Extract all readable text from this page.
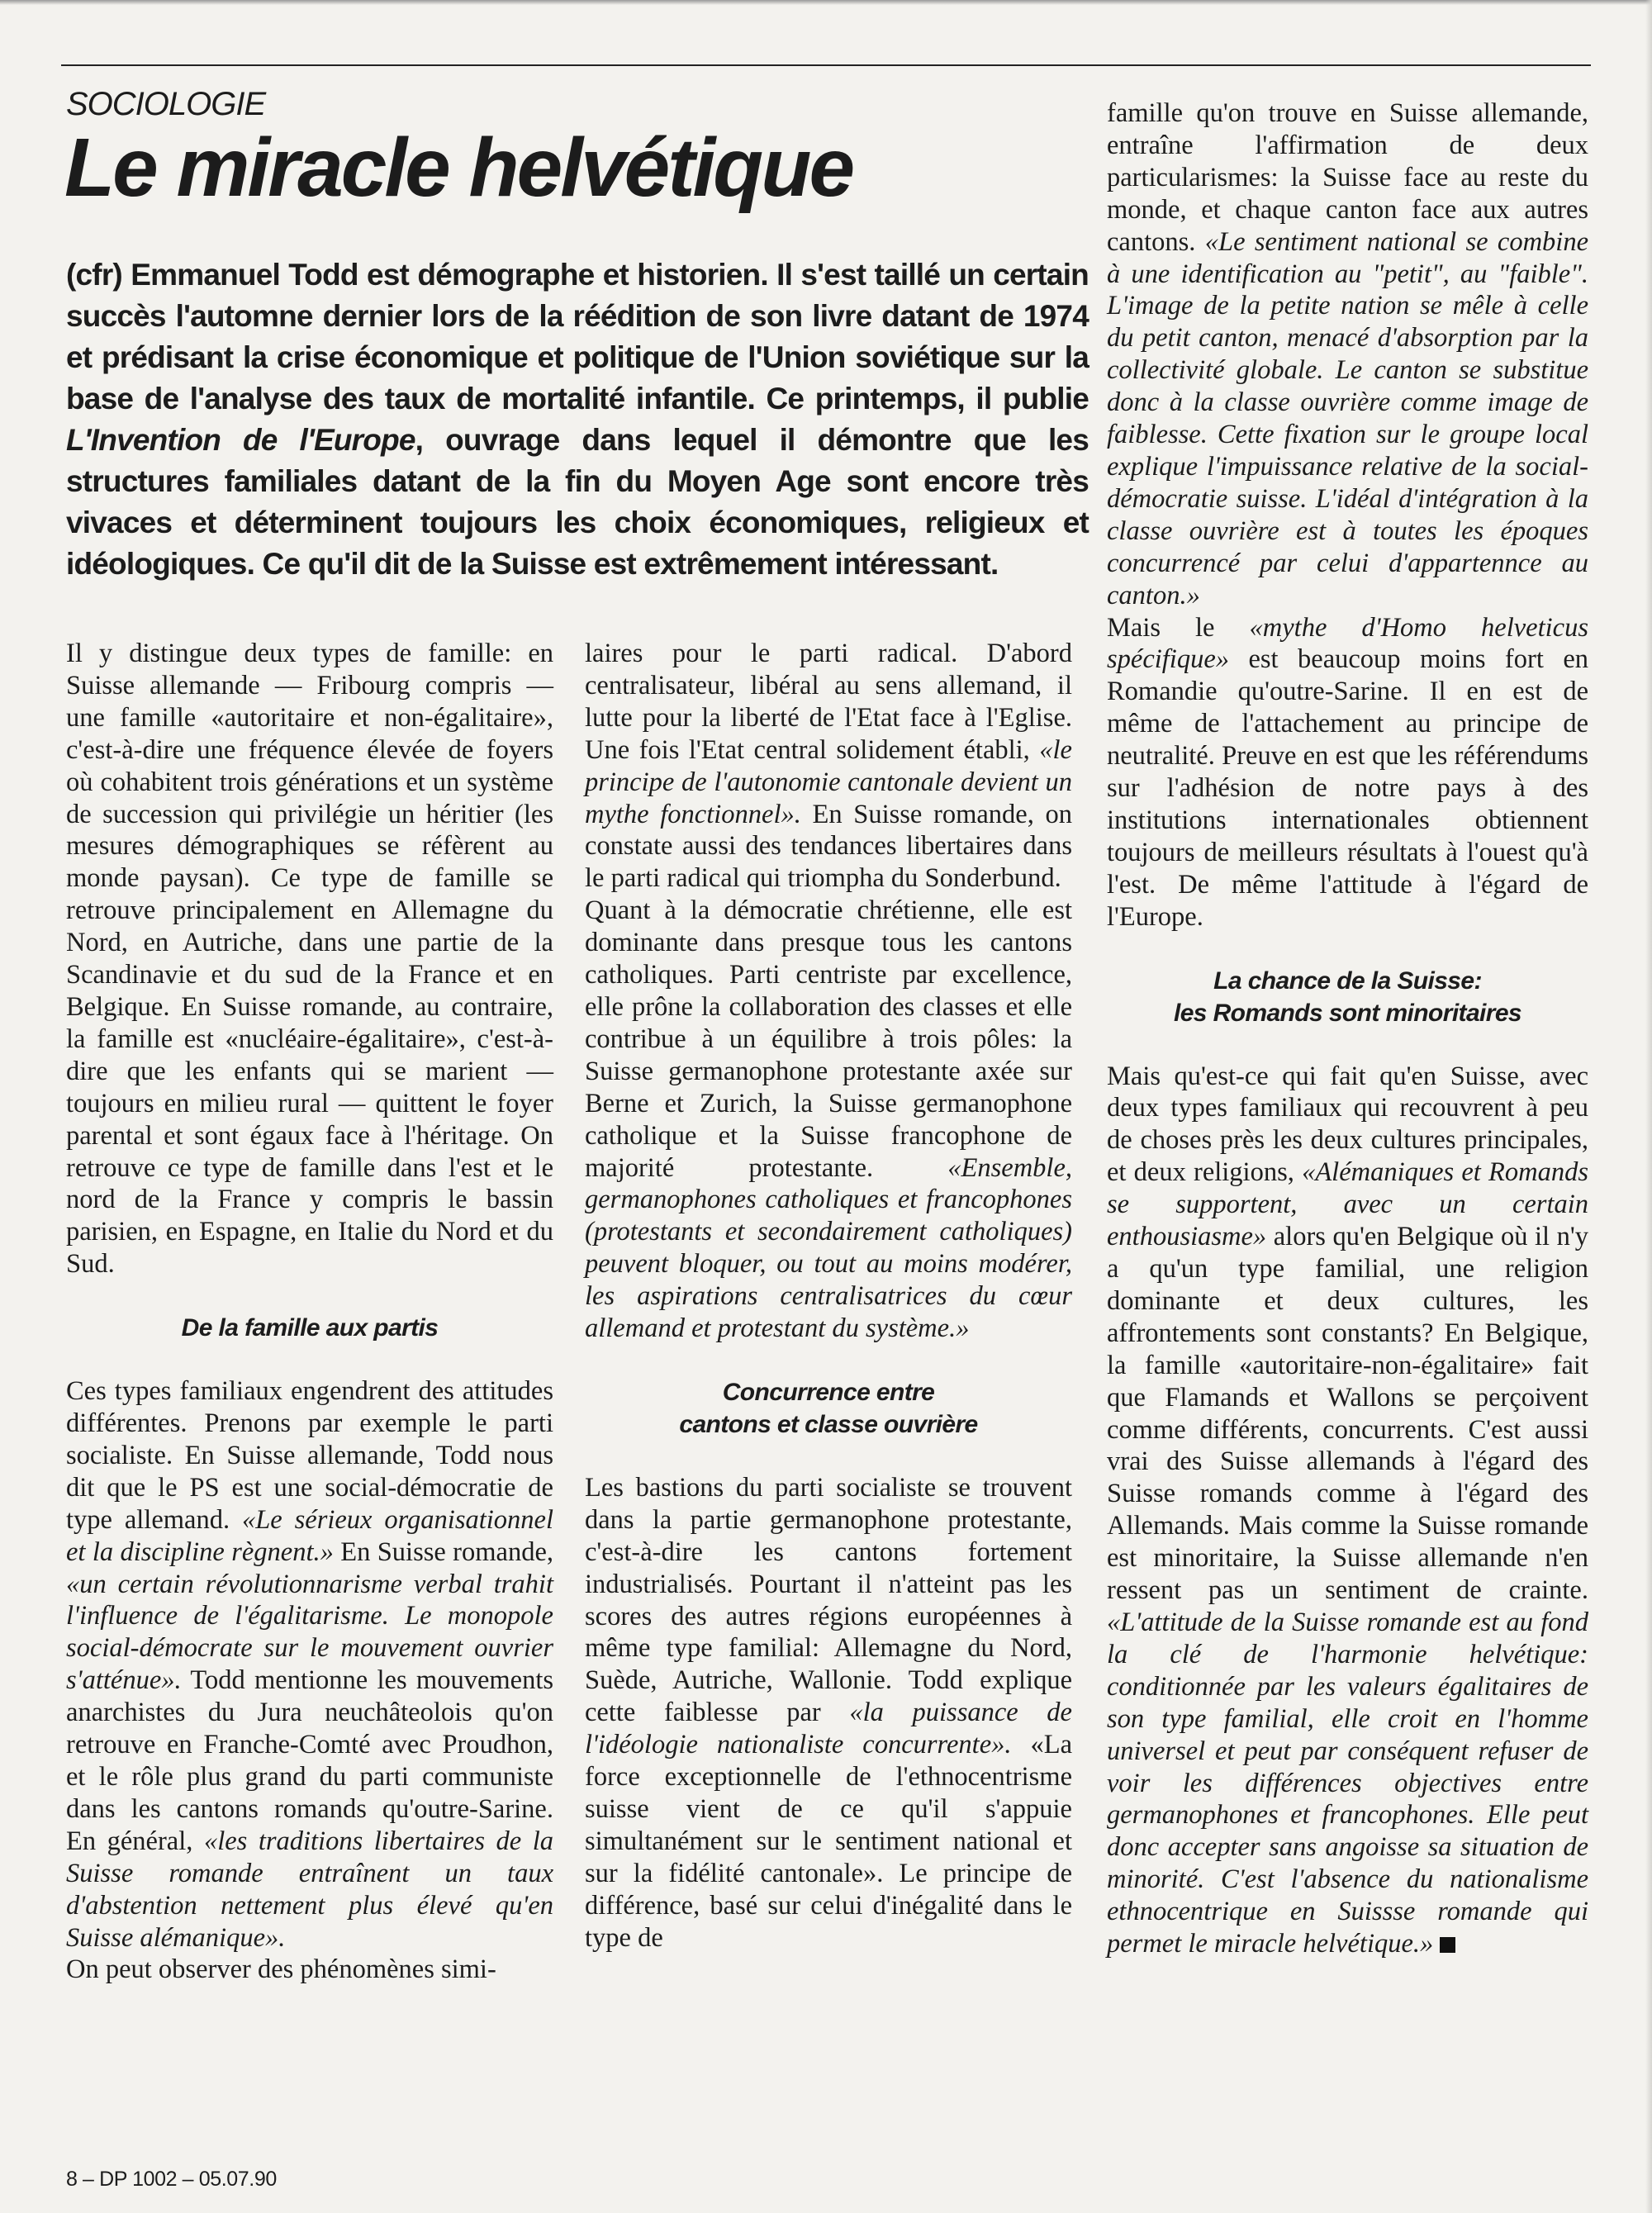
SOCIOLOGIE
Le miracle helvétique
(cfr) Emmanuel Todd est démographe et historien. Il s'est taillé un certain succès l'automne dernier lors de la réédition de son livre datant de 1974 et prédisant la crise économique et politique de l'Union soviétique sur la base de l'analyse des taux de mortalité infantile. Ce printemps, il publie L'Invention de l'Europe, ouvrage dans lequel il démontre que les structures familiales datant de la fin du Moyen Age sont encore très vivaces et déterminent toujours les choix économiques, religieux et idéologiques. Ce qu'il dit de la Suisse est extrêmement intéressant.

Il y distingue deux types de famille: en Suisse allemande — Fribourg compris — une famille «autoritaire et non-égalitaire», c'est-à-dire une fréquence élevée de foyers où cohabitent trois générations et un système de succession qui privilégie un héritier (les mesures démographiques se réfèrent au monde paysan). Ce type de famille se retrouve principalement en Allemagne du Nord, en Autriche, dans une partie de la Scandinavie et du sud de la France et en Belgique. En Suisse romande, au contraire, la famille est «nucléaire-égalitaire», c'est-à-dire que les enfants qui se marient — toujours en milieu rural — quittent le foyer parental et sont égaux face à l'héritage. On retrouve ce type de famille dans l'est et le nord de la France y compris le bassin parisien, en Espagne, en Italie du Nord et du Sud.

De la famille aux partis

Ces types familiaux engendrent des attitudes différentes. Prenons par exemple le parti socialiste. En Suisse allemande, Todd nous dit que le PS est une social-démocratie de type allemand. «Le sérieux organisationnel et la discipline règnent.» En Suisse romande, «un certain révolutionnarisme verbal trahit l'influence de l'égalitarisme. Le monopole social-démocrate sur le mouvement ouvrier s'atténue». Todd mentionne les mouvements anarchistes du Jura neuchâteolois qu'on retrouve en Franche-Comté avec Proudhon, et le rôle plus grand du parti communiste dans les cantons romands qu'outre-Sarine. En général, «les traditions libertaires de la Suisse romande entraînent un taux d'abstention nettement plus élevé qu'en Suisse alémanique».

On peut observer des phénomènes simi-

laires pour le parti radical. D'abord centralisateur, libéral au sens allemand, il lutte pour la liberté de l'Etat face à l'Eglise. Une fois l'Etat central solidement établi, «le principe de l'autonomie cantonale devient un mythe fonctionnel». En Suisse romande, on constate aussi des tendances libertaires dans le parti radical qui triompha du Sonderbund.

Quant à la démocratie chrétienne, elle est dominante dans presque tous les cantons catholiques. Parti centriste par excellence, elle prône la collaboration des classes et elle contribue à un équilibre à trois pôles: la Suisse germanophone protestante axée sur Berne et Zurich, la Suisse germanophone catholique et la Suisse francophone de majorité protestante. «Ensemble, germanophones catholiques et francophones (protestants et secondairement catholiques) peuvent bloquer, ou tout au moins modérer, les aspirations centralisatrices du cœur allemand et protestant du système.»

Concurrence entre
cantons et classe ouvrière

Les bastions du parti socialiste se trouvent dans la partie germanophone protestante, c'est-à-dire les cantons fortement industrialisés. Pourtant il n'atteint pas les scores des autres régions européennes à même type familial: Allemagne du Nord, Suède, Autriche, Wallonie. Todd explique cette faiblesse par «la puissance de l'idéologie nationaliste concurrente». «La force exceptionnelle de l'ethnocentrisme suisse vient de ce qu'il s'appuie simultanément sur le sentiment national et sur la fidélité cantonale». Le principe de différence, basé sur celui d'inégalité dans le type de

famille qu'on trouve en Suisse allemande, entraîne l'affirmation de deux particularismes: la Suisse face au reste du monde, et chaque canton face aux autres cantons. «Le sentiment national se combine à une identification au "petit", au "faible". L'image de la petite nation se mêle à celle du petit canton, menacé d'absorption par la collectivité globale. Le canton se substitue donc à la classe ouvrière comme image de faiblesse. Cette fixation sur le groupe local explique l'impuissance relative de la social-démocratie suisse. L'idéal d'intégration à la classe ouvrière est à toutes les époques concurrencé par celui d'appartennce au canton.»

Mais le «mythe d'Homo helveticus spécifique» est beaucoup moins fort en Romandie qu'outre-Sarine. Il en est de même de l'attachement au principe de neutralité. Preuve en est que les référendums sur l'adhésion de notre pays à des institutions internationales obtiennent toujours de meilleurs résultats à l'ouest qu'à l'est. De même l'attitude à l'égard de l'Europe.

La chance de la Suisse:
les Romands sont minoritaires

Mais qu'est-ce qui fait qu'en Suisse, avec deux types familiaux qui recouvrent à peu de choses près les deux cultures principales, et deux religions, «Alémaniques et Romands se supportent, avec un certain enthousiasme» alors qu'en Belgique où il n'y a qu'un type familial, une religion dominante et deux cultures, les affrontements sont constants? En Belgique, la famille «autoritaire-non-égalitaire» fait que Flamands et Wallons se perçoivent comme différents, concurrents. C'est aussi vrai des Suisse allemands à l'égard des Suisse romands comme à l'égard des Allemands. Mais comme la Suisse romande est minoritaire, la Suisse allemande n'en ressent pas un sentiment de crainte. «L'attitude de la Suisse romande est au fond la clé de l'harmonie helvétique: conditionnée par les valeurs égalitaires de son type familial, elle croit en l'homme universel et peut par conséquent refuser de voir les différences objectives entre germanophones et francophones. Elle peut donc accepter sans angoisse sa situation de minorité. C'est l'absence du nationalisme ethnocentrique en Suissse romande qui permet le miracle helvétique.»

8 – DP 1002 – 05.07.90
